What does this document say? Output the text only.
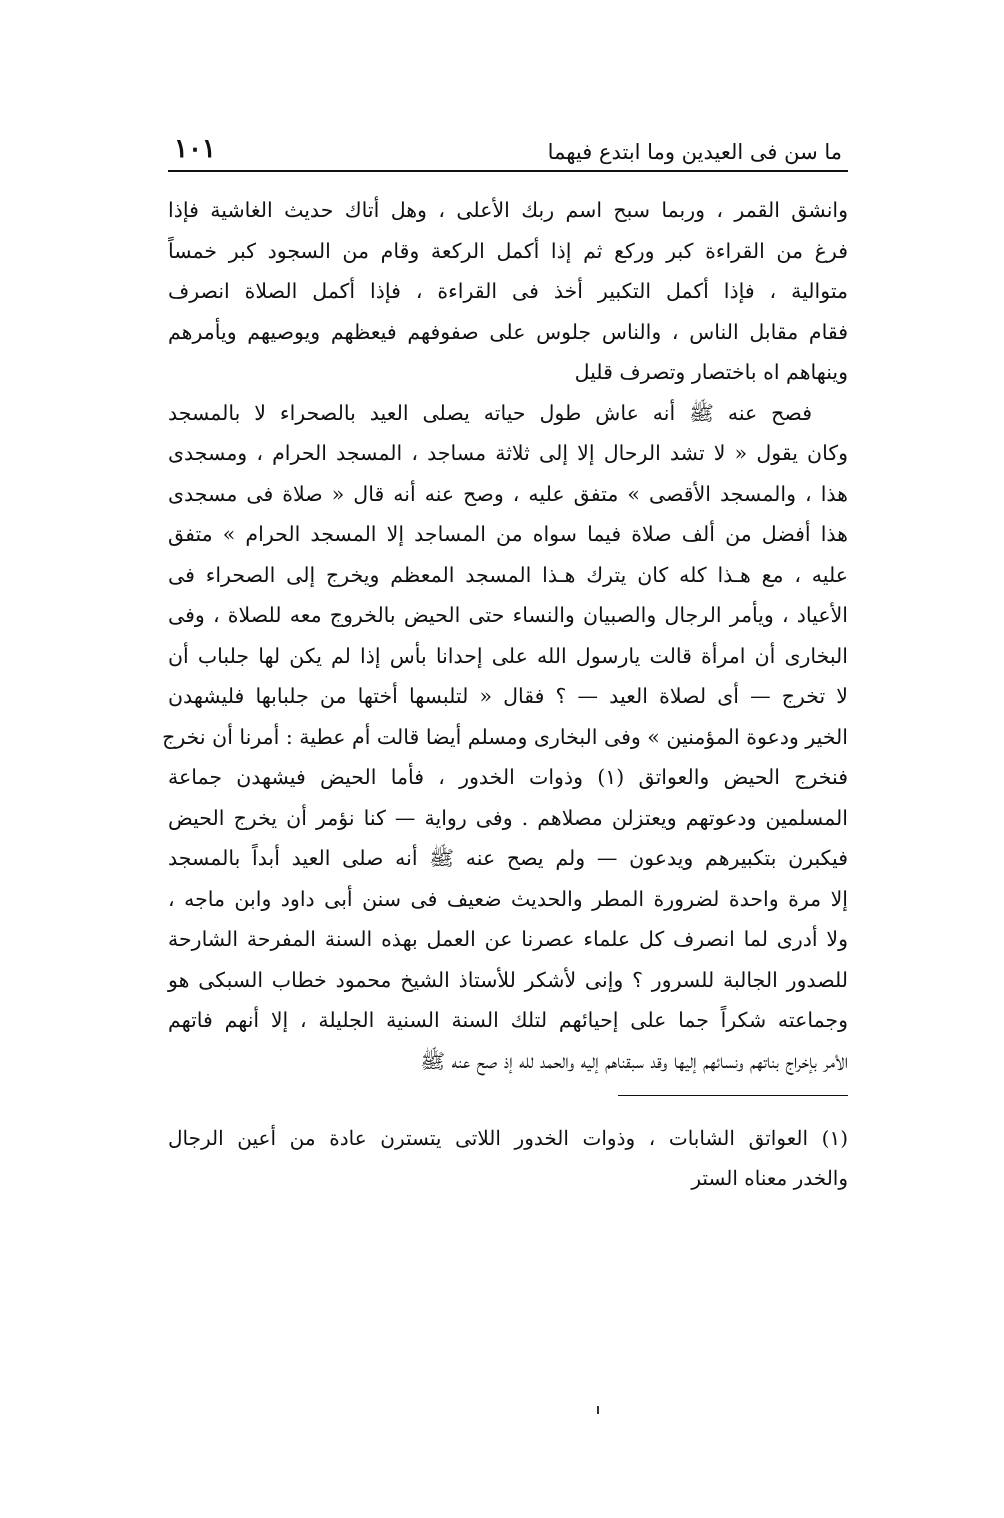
ما سن فى العيدين وما ابتدع فيهما
١٠١
وانشق القمر ، وربما سبح اسم ربك الأعلى ، وهل أتاك حديث الغاشية فإذا
فرغ من القراءة كبر وركع ثم إذا أكمل الركعة وقام من السجود كبر خمساً
متوالية ، فإذا أكمل التكبير أخذ فى القراءة ، فإذا أكمل الصلاة انصرف
فقام مقابل الناس ، والناس جلوس على صفوفهم فيعظهم ويوصيهم ويأمرهم
وينهاهم اه باختصار وتصرف قليل
فصح عنه ﷺ أنه عاش طول حياته يصلى العيد بالصحراء لا بالمسجد
وكان يقول « لا تشد الرحال إلا إلى ثلاثة مساجد ، المسجد الحرام ، ومسجدى
هذا ، والمسجد الأقصى » متفق عليه ، وصح عنه أنه قال « صلاة فى مسجدى
هذا أفضل من ألف صلاة فيما سواه من المساجد إلا المسجد الحرام » متفق
عليه ، مع هـذا كله كان يترك هـذا المسجد المعظم ويخرج إلى الصحراء فى
الأعياد ، ويأمر الرجال والصبيان والنساء حتى الحيض بالخروج معه للصلاة ، وفى
البخارى أن امرأة قالت يارسول الله على إحدانا بأس إذا لم يكن لها جلباب أن
لا تخرج — أى لصلاة العيد — ؟ فقال « لتلبسها أختها من جلبابها فليشهدن
الخير ودعوة المؤمنين » وفى البخارى ومسلم أيضا قالت أم عطية : أمرنا أن نخرج
فنخرج الحيض والعواتق (١) وذوات الخدور ، فأما الحيض فيشهدن جماعة
المسلمين ودعوتهم ويعتزلن مصلاهم . وفى رواية — كنا نؤمر أن يخرج الحيض
فيكبرن بتكبيرهم ويدعون — ولم يصح عنه ﷺ أنه صلى العيد أبداً بالمسجد
إلا مرة واحدة لضرورة المطر والحديث ضعيف فى سنن أبى داود وابن ماجه ،
ولا أدرى لما انصرف كل علماء عصرنا عن العمل بهذه السنة المفرحة الشارحة
للصدور الجالبة للسرور ؟ وإنى لأشكر للأستاذ الشيخ محمود خطاب السبكى هو
وجماعته شكراً جما على إحيائهم لتلك السنة السنية الجليلة ، إلا أنهم فاتهم
الأمر بإخراج بناتهم ونسائهم إليها وقد سبقناهم إليه والحمد لله إذ صح عنه ﷺ
(١) العواتق الشابات ، وذوات الخدور اللاتى يتسترن عادة من أعين الرجال
والخدر معناه الستر
